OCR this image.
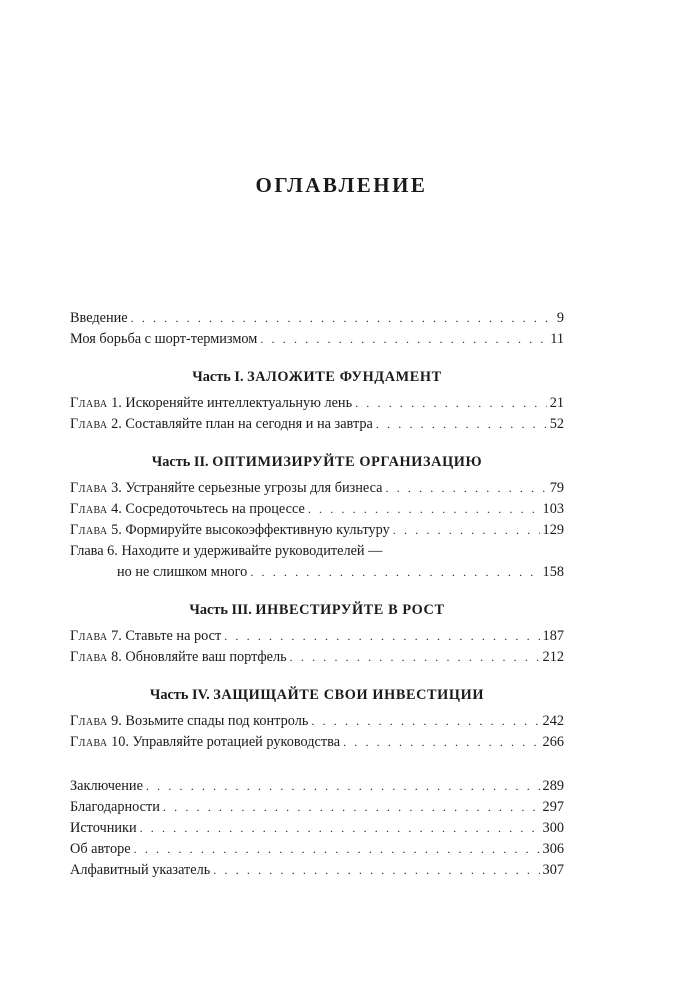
ОГЛАВЛЕНИЕ
Введение . . .	9
Моя борьба с шорт-термизмом . . .	11
Часть I. ЗАЛОЖИТЕ ФУНДАМЕНТ
Глава 1. Искореняйте интеллектуальную лень . . .	21
Глава 2. Составляйте план на сегодня и на завтра . . .	52
Часть II. ОПТИМИЗИРУЙТЕ ОРГАНИЗАЦИЮ
Глава 3. Устраняйте серьезные угрозы для бизнеса . . .	79
Глава 4. Сосредоточьтесь на процессе . . .	103
Глава 5. Формируйте высокоэффективную культуру . . .	129
Глава 6. Находите и удерживайте руководителей —
но не слишком много . . .	158
Часть III. ИНВЕСТИРУЙТЕ В РОСТ
Глава 7. Ставьте на рост . . .	187
Глава 8. Обновляйте ваш портфель . . .	212
Часть IV. ЗАЩИЩАЙТЕ СВОИ ИНВЕСТИЦИИ
Глава 9. Возьмите спады под контроль . . .	242
Глава 10. Управляйте ротацией руководства . . .	266
Заключение . . .	289
Благодарности . . .	297
Источники . . .	300
Об авторе . . .	306
Алфавитный указатель . . .	307
